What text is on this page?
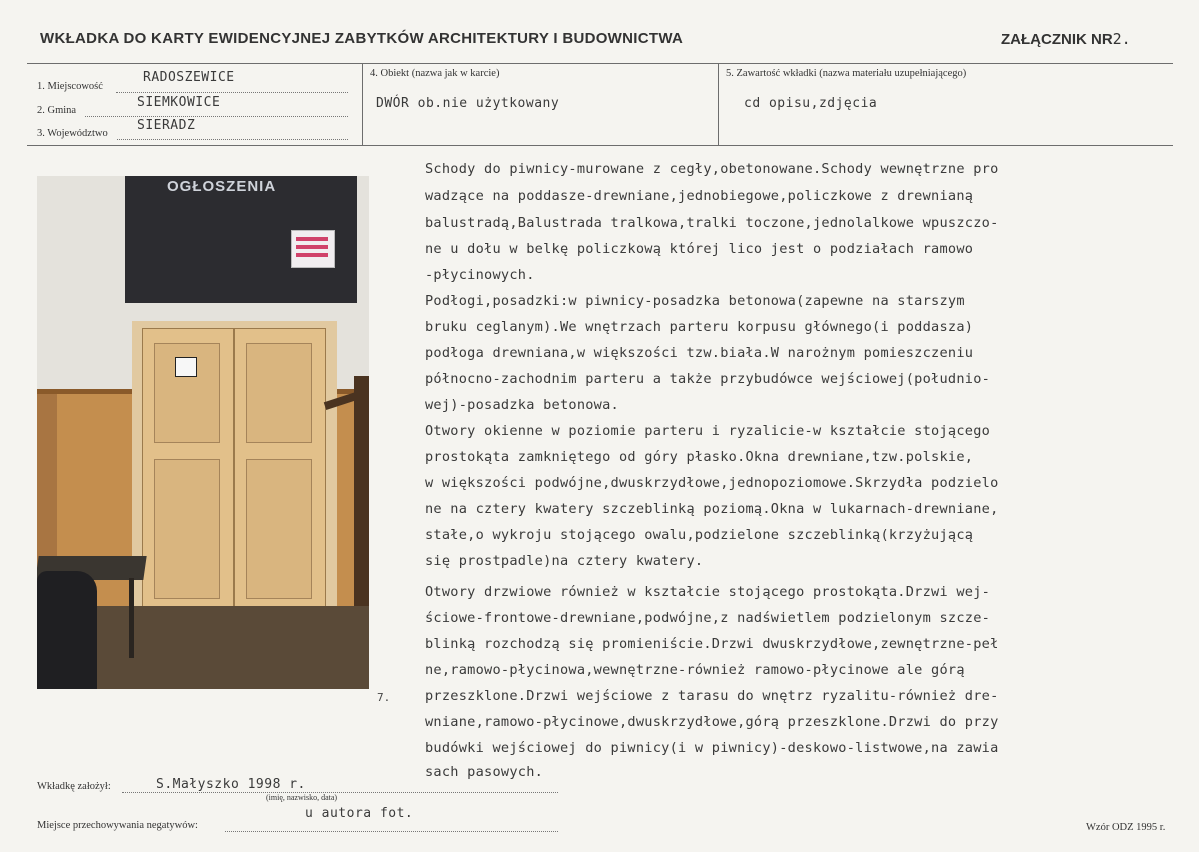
WKŁADKA DO KARTY EWIDENCYJNEJ ZABYTKÓW ARCHITEKTURY I BUDOWNICTWA	ZAŁĄCZNIK NR2.
1. Miejscowość
RADOSZEWICE
2. Gmina
SIEMKOWICE
3. Województwo
SIERADZ
4. Obiekt (nazwa jak w karcie)
DWÓR ob.nie użytkowany
5. Zawartość wkładki (nazwa materiału uzupełniającego)
cd opisu,zdjęcia
OGŁOSZENIA
7.
Schody do piwnicy-murowane z cegły,obetonowane.Schody wewnętrzne pro
wadzące na poddasze-drewniane,jednobiegowe,policzkowe z drewnianą
balustradą,Balustrada tralkowa,tralki toczone,jednolalkowe wpuszczo-
ne u dołu w belkę policzkową której lico jest o podziałach ramowo
-płycinowych.
Podłogi,posadzki:w piwnicy-posadzka betonowa(zapewne na starszym
bruku ceglanym).We wnętrzach parteru korpusu głównego(i poddasza)
podłoga drewniana,w większości tzw.biała.W narożnym pomieszczeniu
północno-zachodnim parteru a także przybudówce wejściowej(południo-
wej)-posadzka betonowa.
Otwory okienne w poziomie parteru i ryzalicie-w kształcie stojącego
prostokąta zamkniętego od góry płasko.Okna drewniane,tzw.polskie,
w większości podwójne,dwuskrzydłowe,jednopoziomowe.Skrzydła podzielo
ne na cztery kwatery szczeblinką poziomą.Okna w lukarnach-drewniane,
stałe,o wykroju stojącego owalu,podzielone szczeblinką(krzyżującą
się prostpadle)na cztery kwatery.
Otwory drzwiowe również w kształcie stojącego prostokąta.Drzwi wej-
ściowe-frontowe-drewniane,podwójne,z nadświetlem podzielonym szcze-
blinką rozchodzą się promieniście.Drzwi dwuskrzydłowe,zewnętrzne-peł
ne,ramowo-płycinowa,wewnętrzne-również ramowo-płycinowe ale górą
przeszklone.Drzwi wejściowe z tarasu do wnętrz ryzalitu-również dre-
wniane,ramowo-płycinowe,dwuskrzydłowe,górą przeszklone.Drzwi do przy
budówki wejściowej do piwnicy(i w piwnicy)-deskowo-listwowe,na zawia
sach pasowych.
Wkładkę założył:	S.Małyszko 1998 r.
(imię, nazwisko, data)
Miejsce przechowywania negatywów:
u autora fot.
Wzór ODZ 1995 r.
